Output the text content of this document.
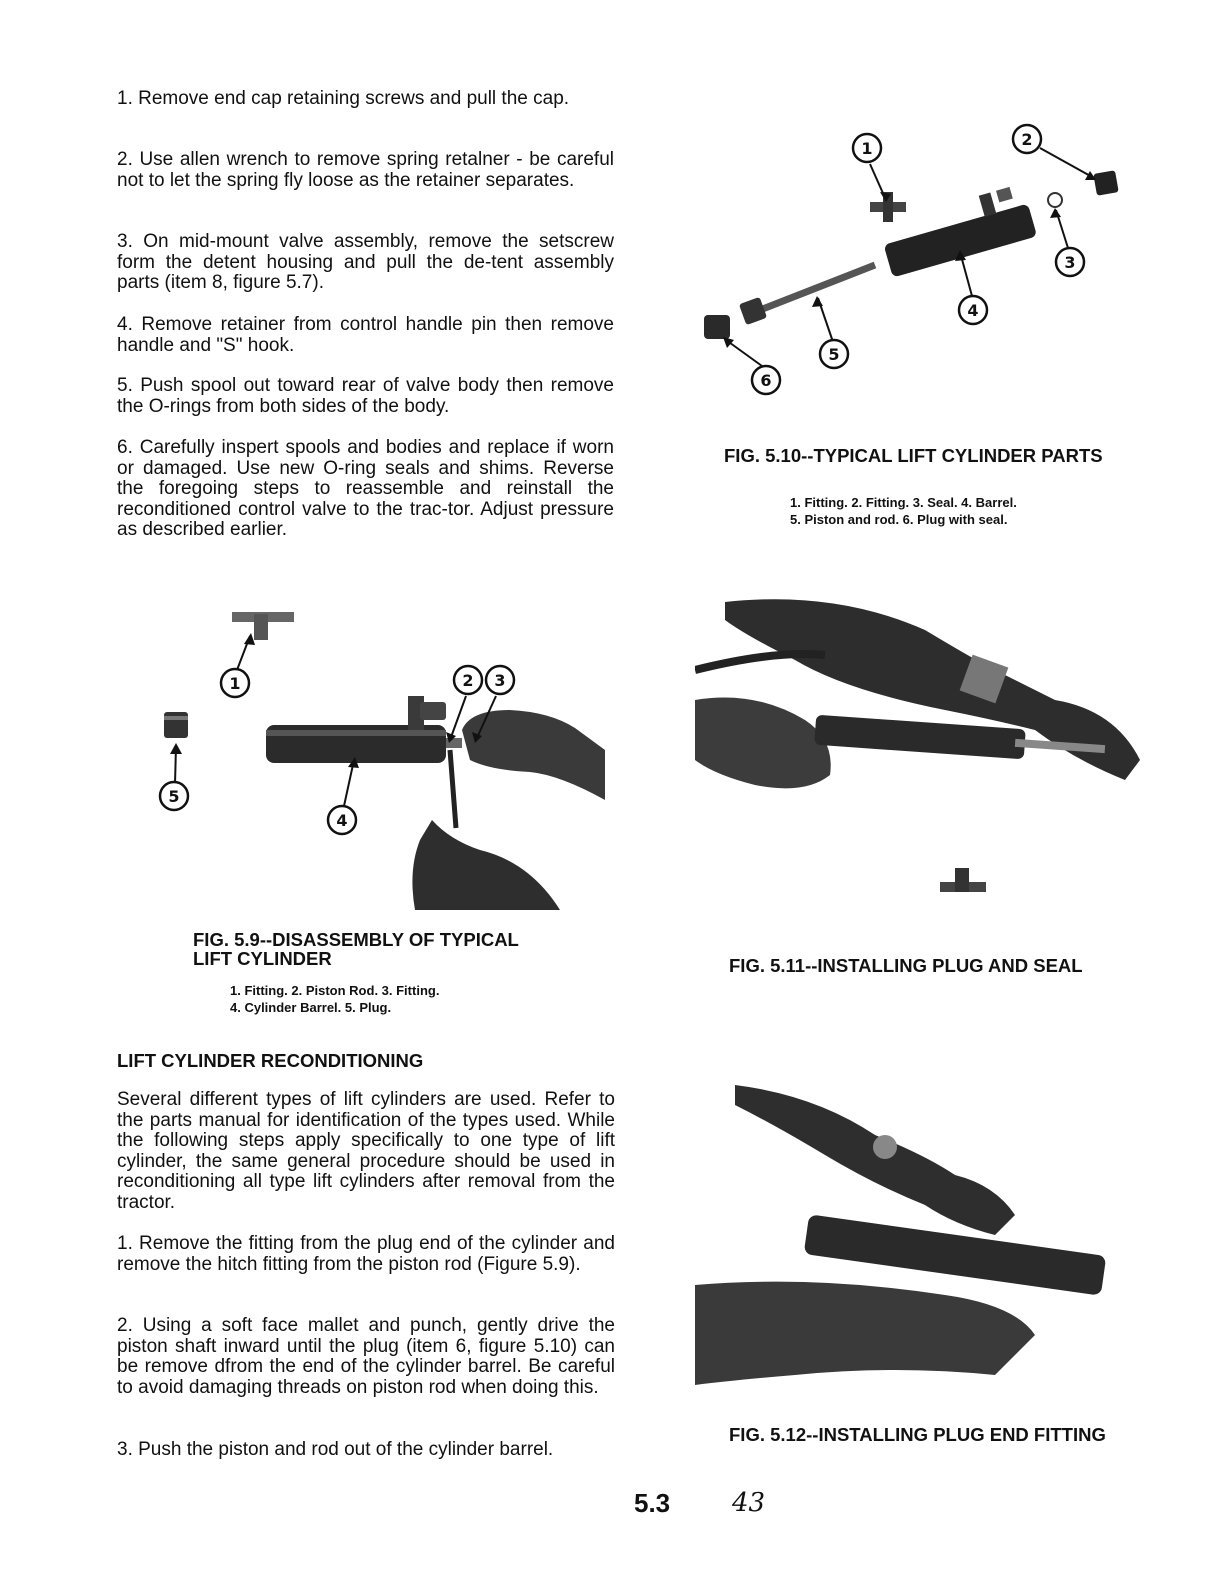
1. Remove end cap retaining screws and pull the cap.

2. Use allen wrench to remove spring retalner - be careful not to let the spring fly loose as the retainer separates.

3. On mid-mount valve assembly, remove the setscrew form the detent housing and pull the de-tent assembly parts (item 8, figure 5.7).

4. Remove retainer from control handle pin then remove handle and "S" hook.

5. Push spool out toward rear of valve body then remove the O-rings from both sides of the body.

6. Carefully inspert spools and bodies and replace if worn or damaged. Use new O-ring seals and shims. Reverse the foregoing steps to reassemble and reinstall the reconditioned control valve to the trac-tor. Adjust pressure as described earlier.

1	2
3
4
5
6

FIG. 5.10--TYPICAL LIFT CYLINDER PARTS

1. Fitting. 2. Fitting. 3. Seal. 4. Barrel.

5. Piston and rod. 6. Plug with seal.

1	2 3
4
5

FIG. 5.9--DISASSEMBLY OF TYPICAL

LIFT CYLINDER

1. Fitting. 2. Piston Rod. 3. Fitting.

4. Cylinder Barrel. 5. Plug.

FIG. 5.11--INSTALLING PLUG AND SEAL

LIFT CYLINDER RECONDITIONING

Several different types of lift cylinders are used. Refer to the parts manual for identification of the types used. While the following steps apply specifically to one type of lift cylinder, the same general procedure should be used in reconditioning all type lift cylinders after removal from the tractor.

1. Remove the fitting from the plug end of the cylinder and remove the hitch fitting from the piston rod (Figure 5.9).

2. Using a soft face mallet and punch, gently drive the piston shaft inward until the plug (item 6, figure 5.10) can be remove dfrom the end of the cylinder barrel. Be careful to avoid damaging threads on piston rod when doing this.

3. Push the piston and rod out of the cylinder barrel.

FIG. 5.12--INSTALLING PLUG END FITTING

5.3 43
